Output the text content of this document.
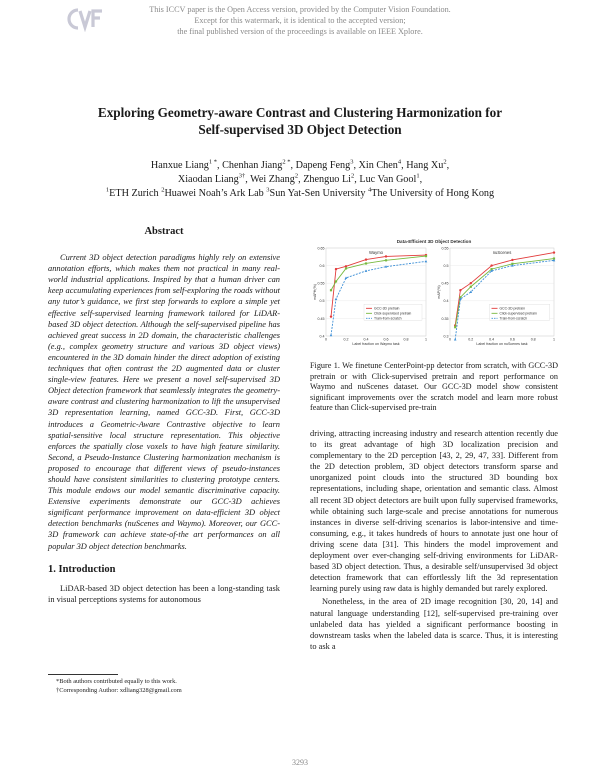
This ICCV paper is the Open Access version, provided by the Computer Vision Foundation.
Except for this watermark, it is identical to the accepted version;
the final published version of the proceedings is available on IEEE Xplore.
Exploring Geometry-aware Contrast and Clustering Harmonization for
Self-supervised 3D Object Detection
Hanxue Liang$^{1 *}$, Chenhan Jiang$^{2 *}$, Dapeng Feng$^3$, Xin Chen$^4$, Hang Xu$^2$,
Xiaodan Liang$^{3\dagger}$, Wei Zhang$^2$, Zhenguo Li$^2$, Luc Van Gool$^1$,
$^1$ETH Zurich $^2$Huawei Noah’s Ark Lab $^3$Sun Yat-Sen University $^4$The University of Hong Kong
Abstract

Current 3D object detection paradigms highly rely on extensive annotation efforts, which makes them not practical in many real-world industrial applications. Inspired by that a human driver can keep accumulating experiences from self-exploring the roads without any tutor’s guidance, we first step forwards to explore a simple yet effective self-supervised learning framework tailored for LiDAR-based 3D object detection. Although the self-supervised pipeline has achieved great success in 2D domain, the characteristic challenges (e.g., complex geometry structure and various 3D object views) encountered in the 3D domain hinder the direct adoption of existing techniques that often contrast the 2D augmented data or cluster single-view features. Here we present a novel self-supervised 3D Object detection framework that seamlessly integrates the geometry-aware contrast and clustering harmonization to lift the unsupervised 3D representation learning, named GCC-3D. First, GCC-3D introduces a Geometric-Aware Contrastive objective to learn spatial-sensitive local structure representation. This objective enforces the spatially close voxels to have high feature similarity. Second, a Pseudo-Instance Clustering harmonization mechanism is proposed to encourage that different views of pseudo-instances should have consistent similarities to clustering prototype centers. This module endows our model semantic discriminative capacity. Extensive experiments demonstrate our GCC-3D achieves significant performance improvement on data-efficient 3D object detection benchmarks (nuScenes and Waymo). Moreover, our GCC-3D framework can achieve state-of-the art performances on all popular 3D object detection benchmarks.

1. Introduction

LiDAR-based 3D object detection has been a long-standing task in visual perceptions systems for autonomous

*Both authors contributed equally to this work.
†Corresponding Author: xdliang328@gmail.com
Data-Efficient 3D Object Detection
0.4
0.45
0.5
0.55
0.6
0.65
0	0.2	0.4	0.6	0.8	1
Waymo
Label fraction on Waymo task
mAPH(%)
GCC-3D pretrain
Click-supervised pretrain
Train-from-scratch
0.3
0.35
0.4
0.45
0.5
0.55
0	0.2	0.4	0.6	0.8	1
nuScenes
Label fraction on nuScenes task
mAP(%)
GCC-3D pretrain
Click-supervised pretrain
Train-from-scratch
Figure 1. We finetune CenterPoint-pp detector from scratch, with GCC-3D pretrain or with Click-supervised pretrain and report performance on Waymo and nuScenes dataset. Our GCC-3D model show consistent significant improvements over the scratch model and learn more robust feature than Click-supervised pre-train

driving, attracting increasing industry and research attention recently due to its great advantage of high 3D localization precision and complementary to the 2D perception [43, 2, 29, 47, 33]. Different from the 2D detection problem, 3D object detectors transform sparse and unorganized point clouds into the structured 3D bounding box representations, including shape, orientation and semantic class. Almost all recent 3D object detectors are built upon fully supervised frameworks, while obtaining such large-scale and precise annotations for numerous instances in diverse self-driving scenarios is labor-intensive and time-consuming, e.g., it takes hundreds of hours to annotate just one hour of driving scene data [31]. This hinders the model improvement and deployment over ever-changing self-driving environments for LiDAR-based 3D object detection. Thus, a desirable self/unsupervised 3d object detection framework that can effortlessly lift the 3d representation learning purely using raw data is highly demanded but rarely explored.

Nonetheless, in the area of 2D image recognition [30, 20, 14] and natural language understanding [12], self-supervised pre-training over unlabeled data has yielded a significant performance boosting in downstream tasks when the labeled data is scarce. Thus, it is interesting to ask a

3293
